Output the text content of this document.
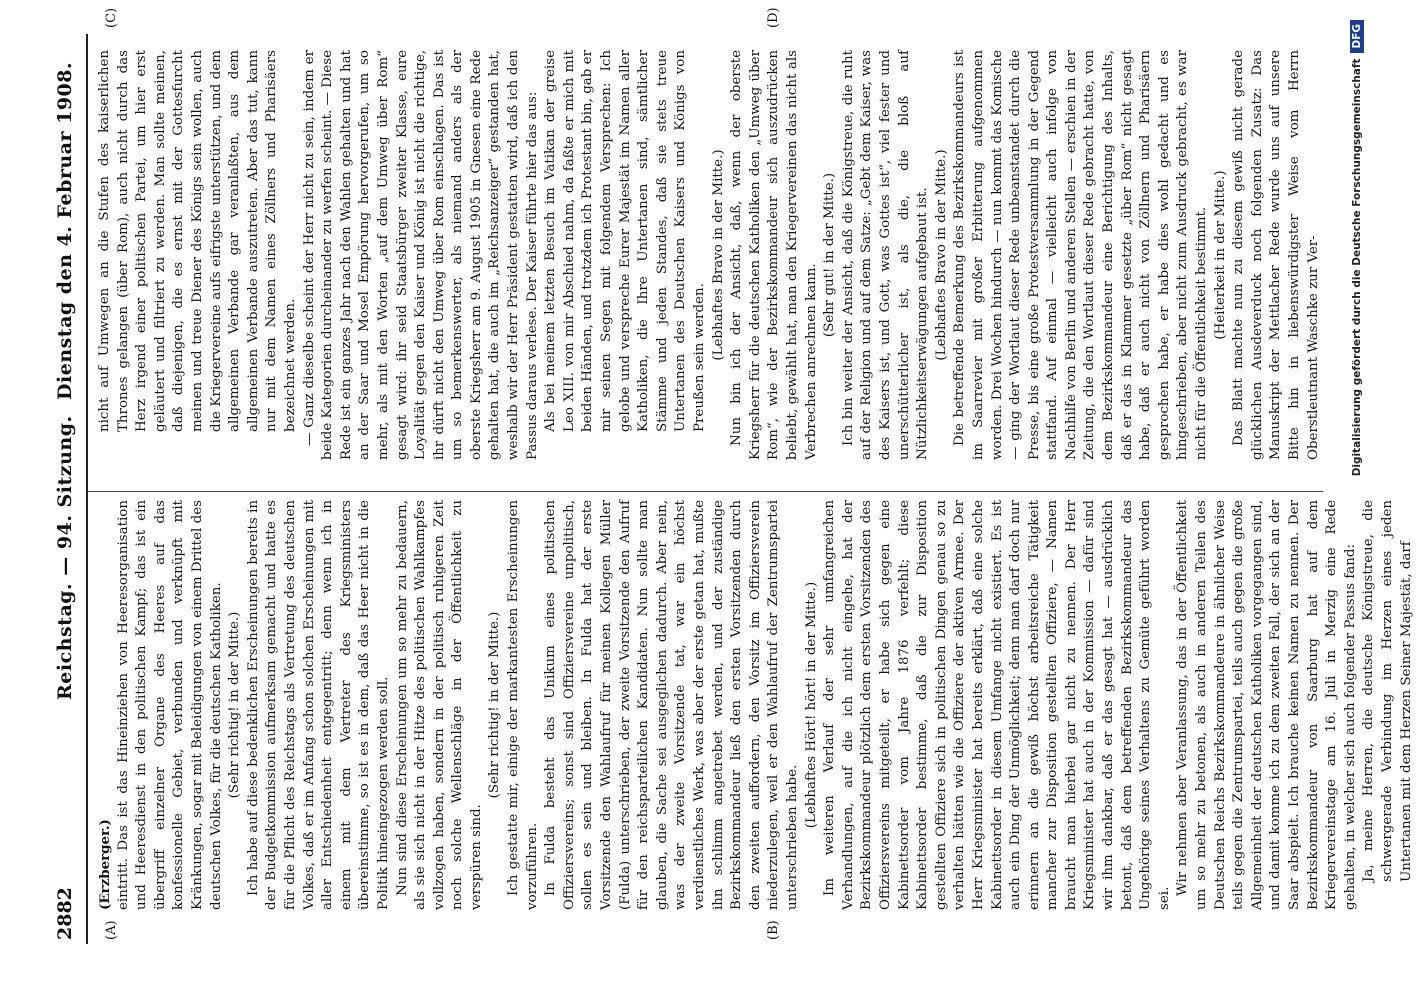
2882
Reichstag. — 94. Sitzung.
Dienstag den 4. Februar 1908.
(A)	(B)
(C)	(D)

(Erzberger.) eintritt. Das ist das Hineinziehen von Heeresorganisation und Heeresdienst in den politischen Kampf; das ist ein übergriff einzelner Organe des Heeres auf das konfessionelle Gebiet, verbunden und verknüpft mit Kränkungen, sogar mit Beleidigungen von einem Drittel des deutschen Volkes, für die deutschen Katholiken. (Sehr richtig! in der Mitte.) Ich habe auf diese bedenklichen Erscheinungen bereits in der Budgetkommission aufmerksam gemacht und hatte es für die Pflicht des Reichstags als Vertretung des deutschen Volkes, daß er im Anfang schon solchen Erscheinungen mit aller Entschiedenheit entgegentritt; denn wenn ich in einem mit dem Vertreter des Kriegsministers übereinstimme, so ist es in dem, daß das Heer nicht in die Politik hineingezogen werden soll. Nun sind diese Erscheinungen um so mehr zu bedauern, als sie sich nicht in der Hitze des politischen Wahlkampfes vollzogen haben, sondern in der politisch ruhigeren Zeit noch solche Wellenschläge in der Öffentlichkeit zu verspüren sind.

(Sehr richtig! in der Mitte.) Ich gestatte mir, einige der markantesten Erscheinungen vorzuführen. In Fulda besteht das Unikum eines politischen Offiziersvereins; sonst sind Offiziersvereine unpolitisch, sollen es sein und bleiben. In Fulda hat der erste Vorsitzende den Wahlaufruf für meinen Kollegen Müller (Fulda) unterschrieben, der zweite Vorsitzende den Aufruf für den reichsparteilichen Kandidaten. Nun sollte man glauben, die Sache sei ausgeglichen dadurch. Aber nein, was der zweite Vorsitzende tat, war ein höchst verdienstliches Werk, was aber der erste getan hat, mußte ihn schlimm angetrebet werden, und der zuständige Bezirkskommandeur ließ den ersten Vorsitzenden durch den zweiten auffordern, den Vorsitz im Offiziersverein niederzulegen, weil er den Wahlaufruf der Zentrumspartei unterschrieben habe.

(Lebhaftes Hört! hört! in der Mitte.) Im weiteren Verlauf der sehr umfangreichen Verhandlungen, auf die ich nicht eingehe, hat der Bezirkskommandeur plötzlich dem ersten Vorsitzenden des Offiziersvereins mitgeteilt, er habe sich gegen eine Kabinettsorder vom Jahre 1876 verfehlt; diese Kabinettsorder bestimme, daß die zur Disposition gestellten Offiziere sich in politischen Dingen genau so zu verhalten hätten wie die Offiziere der aktiven Armee. Der Herr Kriegsminister hat bereits erklärt, daß eine solche Kabinettsorder in diesem Umfange nicht existiert. Es ist auch ein Ding der Unmöglichkeit; denn man darf doch nur erinnern an die gewiß höchst arbeitsreiche Tätigkeit mancher zur Disposition gestellten Offiziere, — Namen braucht man hierbei gar nicht zu nennen. Der Herr Kriegsminister hat auch in der Kommission — dafür sind wir ihm dankbar, daß er das gesagt hat — ausdrücklich betont, daß dem betreffenden Bezirkskommandeur das Ungehörige seines Verhaltens zu Gemüte geführt worden sei.

Wir nehmen aber Veranlassung, das in der Öffentlichkeit um so mehr zu betonen, als auch in anderen Teilen des Deutschen Reichs Bezirkskommandeure in ähnlicher Weise teils gegen die Zentrumspartei, teils auch gegen die große Allgemeinheit der deutschen Katholiken vorgegangen sind, und damit komme ich zu dem zweiten Fall, der sich an der Saar abspielt. Ich brauche keinen Namen zu nennen. Der Bezirkskommandeur von Saarburg hat auf dem Kriegervereinstage am 16. Juli in Merzig eine Rede gehalten, in welcher sich auch folgender Passus fand: Ja, meine Herren, die deutsche Königstreue, die schwergerade Verbindung im Herzen eines jeden Untertanen mit dem Herzen Seiner Majestät, darf

nicht auf Umwegen an die Stufen des kaiserlichen Thrones gelangen (über Rom), auch nicht durch das Herz irgend einer politischen Partei, um hier erst geläutert und filtriert zu werden. Man sollte meinen, daß diejenigen, die es ernst mit der Gottesfurcht meinen und treue Diener des Königs sein wollen, auch die Kriegervereine aufs eifrigste unterstützen, und dem allgemeinen Verbande gar veranlaßten, aus dem allgemeinen Verbande auszutreten. Aber das tut, kann nur mit dem Namen eines Zöllners und Pharisäers bezeichnet werden. — Ganz dieselbe scheint der Herr nicht zu sein, indem er beide Kategorien durcheinander zu werfen scheint. — Diese Rede ist ein ganzes Jahr nach den Wahlen gehalten und hat an der Saar und Mosel Empörung hervorgerufen, um so mehr, als mit den Worten „auf dem Umweg über Rom“ gesagt wird: ihr seid Staatsbürger zweiter Klasse, eure Loyalität gegen den Kaiser und König ist nicht die richtige, ihr dürft nicht den Umweg über Rom einschlagen. Das ist um so bemerkenswerter, als niemand anders als der oberste Kriegsherr am 9. August 1905 in Gnesen eine Rede gehalten hat, die auch im „Reichsanzeiger“ gestanden hat, weshalb wir der Herr Präsident gestatten wird, daß ich den Passus daraus verlese. Der Kaiser führte hier das aus: Als bei meinem letzten Besuch im Vatikan der greise Leo XIII. von mir Abschied nahm, da faßte er mich mit beiden Händen, und trotzdem ich Protestant bin, gab er mir seinen Segen mit folgendem Versprechen: Ich gelobe und verspreche Eurer Majestät im Namen aller Katholiken, die Ihre Untertanen sind, sämtlicher Stämme und jeden Standes, daß sie stets treue Untertanen des Deutschen Kaisers und Königs von Preußen sein werden. (Lebhaftes Bravo in der Mitte.) Nun bin ich der Ansicht, daß, wenn der oberste Kriegsherr für die deutschen Katholiken den „Umweg über Rom“, wie der Bezirkskommandeur sich auszudrücken beliebt, gewählt hat, man den Kriegervereinen das nicht als Verbrechen anrechnen kann.

(Sehr gut! in der Mitte.) Ich bin weiter der Ansicht, daß die Königstreue, die ruht auf der Religion und auf dem Satze: „Gebt dem Kaiser, was des Kaisers ist, und Gott, was Gottes ist“, viel fester und unerschütterlicher ist, als die, die bloß auf Nützlichkeitserwägungen aufgebaut ist. (Lebhaftes Bravo in der Mitte.) Die betreffende Bemerkung des Bezirkskommandeurs ist im Saarrevier mit großer Erbitterung aufgenommen worden. Drei Wochen hindurch — nun kommt das Komische — ging der Wortlaut dieser Rede unbeanstandet durch die Presse, bis eine große Protestversammlung in der Gegend stattfand. Auf einmal — vielleicht auch infolge von Nachhilfe von Berlin und anderen Stellen — erschien in der Zeitung, die den Wortlaut dieser Rede gebracht hatte, von dem Bezirkskommandeur eine Berichtigung des Inhalts, daß er das in Klammer gesetzte „über Rom“ nicht gesagt habe, daß er auch nicht von Zöllnern und Pharisäern gesprochen habe, er habe dies wohl gedacht und es hingeschrieben, aber nicht zum Ausdruck gebracht, es war nicht für die Öffentlichkeit bestimmt. (Heiterkeit in der Mitte.) Das Blatt machte nun zu diesem gewiß nicht gerade glücklichen Ausdeverduck noch folgenden Zusatz: Das Manuskript der Mettlacher Rede wurde uns auf unsere Bitte hin in liebenswürdigster Weise vom Herrn Oberstleutnant Waschke zur Ver-	Digitalisierung gefördert durch die Deutsche ForschungsgemeinschaftDFG
